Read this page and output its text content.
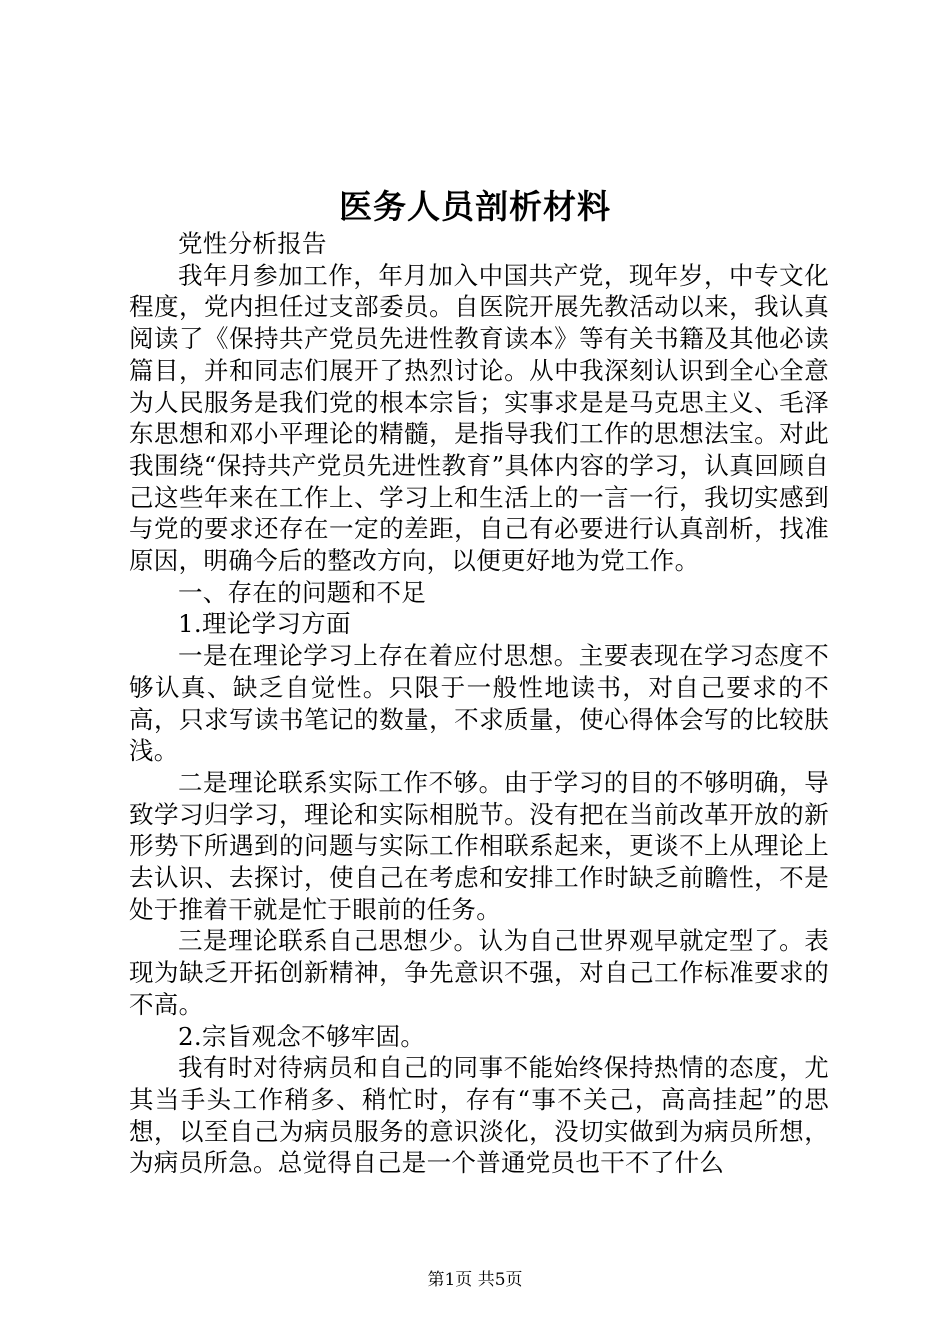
医务人员剖析材料

党性分析报告

我年月参加工作，年月加入中国共产党，现年岁，中专文化程度，党内担任过支部委员。自医院开展先教活动以来，我认真阅读了《保持共产党员先进性教育读本》等有关书籍及其他必读篇目，并和同志们展开了热烈讨论。从中我深刻认识到全心全意为人民服务是我们党的根本宗旨；实事求是是马克思主义、毛泽东思想和邓小平理论的精髓，是指导我们工作的思想法宝。对此我围绕“保持共产党员先进性教育”具体内容的学习，认真回顾自己这些年来在工作上、学习上和生活上的一言一行，我切实感到与党的要求还存在一定的差距，自己有必要进行认真剖析，找准原因，明确今后的整改方向，以便更好地为党工作。

一、存在的问题和不足

1.理论学习方面

一是在理论学习上存在着应付思想。主要表现在学习态度不够认真、缺乏自觉性。只限于一般性地读书，对自己要求的不高，只求写读书笔记的数量，不求质量，使心得体会写的比较肤浅。

二是理论联系实际工作不够。由于学习的目的不够明确，导致学习归学习，理论和实际相脱节。没有把在当前改革开放的新形势下所遇到的问题与实际工作相联系起来，更谈不上从理论上去认识、去探讨，使自己在考虑和安排工作时缺乏前瞻性，不是处于推着干就是忙于眼前的任务。

三是理论联系自己思想少。认为自己世界观早就定型了。表现为缺乏开拓创新精神，争先意识不强，对自己工作标准要求的不高。

2.宗旨观念不够牢固。

我有时对待病员和自己的同事不能始终保持热情的态度，尤其当手头工作稍多、稍忙时，存有“事不关己，高高挂起”的思想，以至自己为病员服务的意识淡化，没切实做到为病员所想，为病员所急。总觉得自己是一个普通党员也干不了什么

第1页 共5页
